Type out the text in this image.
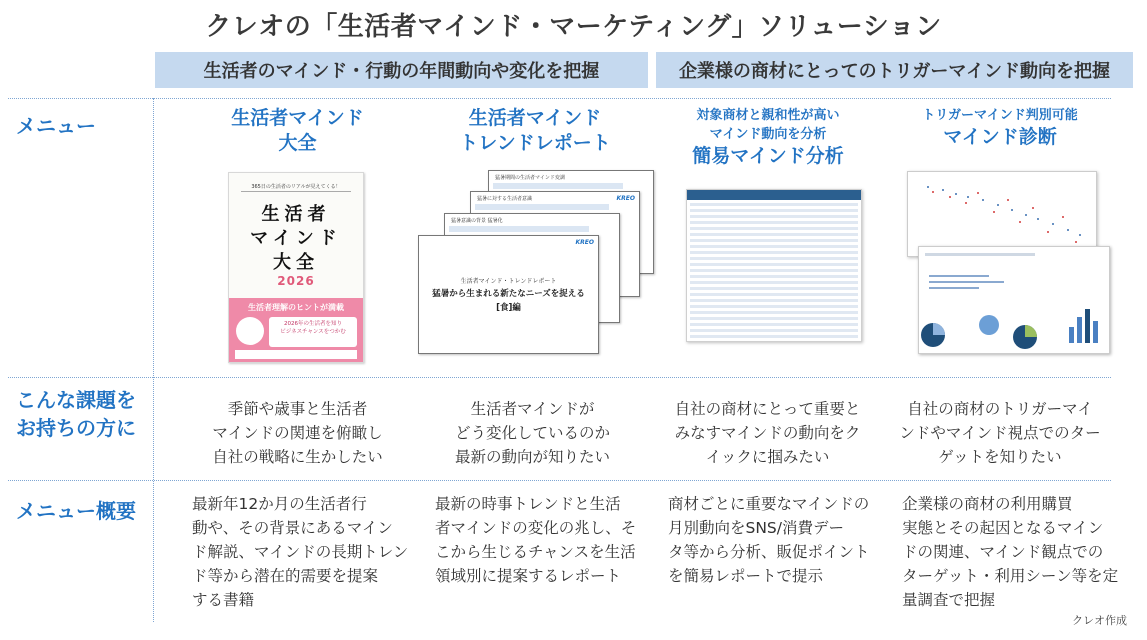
クレオの「生活者マインド・マーケティング」ソリューション
生活者のマインド・行動の年間動向や変化を把握	企業様の商材にとってのトリガーマインド動向を把握
メニュー
こんな課題を
お持ちの方に
メニュー概要
生活者マインド
大全
生活者マインド
トレンドレポート
対象商材と親和性が高い
マインド動向を分析
簡易マインド分析
トリガーマインド判別可能
マインド診断
365日の生活者のリアルが見えてくる！
生活者
マインド
大全
2026
生活者理解のヒントが満載
2026年の生活者を知り
ビジネスチャンスをつかむ
猛暑期間の生活者マインド変調
猛暑に対する生活者意識	KREO
猛暑意識の背景 猛暑化
KREO
生活者マインド・トレンドレポート
猛暑から生まれる新たなニーズを捉える
[食]編
季節や歳事と生活者
マインドの関連を俯瞰し
自社の戦略に生かしたい
生活者マインドが
どう変化しているのか
最新の動向が知りたい
自社の商材にとって重要と
みなすマインドの動向をク
イックに掴みたい
自社の商材のトリガーマイ
ンドやマインド視点でのター
ゲットを知りたい
最新年12か月の生活者行
動や、その背景にあるマイン
ド解説、マインドの長期トレン
ド等から潜在的需要を提案
する書籍
最新の時事トレンドと生活
者マインドの変化の兆し、そ
こから生じるチャンスを生活
領域別に提案するレポート
商材ごとに重要なマインドの
月別動向をSNS/消費デー
タ等から分析、販促ポイント
を簡易レポートで提示
企業様の商材の利用購買
実態とその起因となるマイン
ドの関連、マインド観点での
ターゲット・利用シーン等を定
量調査で把握
クレオ作成
